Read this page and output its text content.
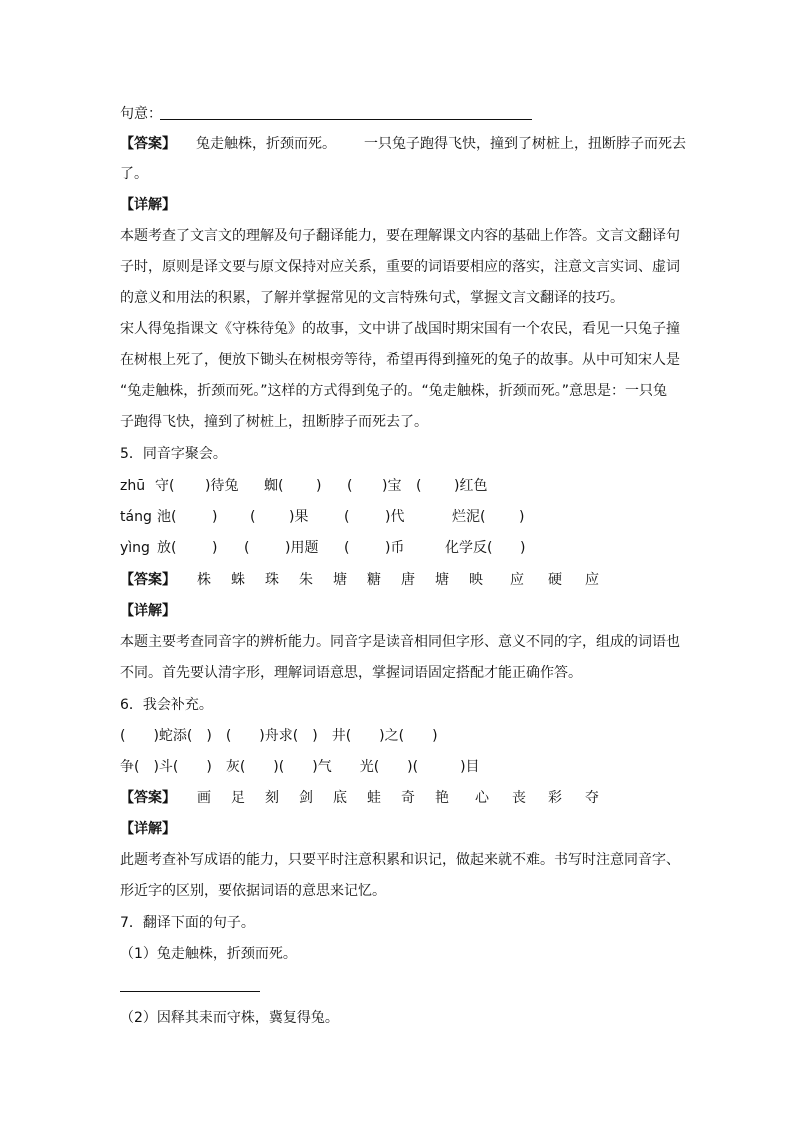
句意：
【答案】 兔走触株，折颈而死。 一只兔子跑得飞快，撞到了树桩上，扭断脖子而死去
了。
【详解】
本题考查了文言文的理解及句子翻译能力，要在理解课文内容的基础上作答。文言文翻译句
子时，原则是译文要与原文保持对应关系，重要的词语要相应的落实，注意文言实词、虚词
的意义和用法的积累，了解并掌握常见的文言特殊句式，掌握文言文翻译的技巧。
宋人得兔指课文《守株待兔》的故事，文中讲了战国时期宋国有一个农民，看见一只兔子撞
在树根上死了，便放下锄头在树根旁等待，希望再得到撞死的兔子的故事。从中可知宋人是
“兔走触株，折颈而死。”这样的方式得到兔子的。“兔走触株，折颈而死。”意思是：一只兔
子跑得飞快，撞到了树桩上，扭断脖子而死去了。
5．同音字聚会。
zhū 守( )待兔 蜘( ) ( )宝 ( )红色
táng 池(	) ( )果	(	)代	烂泥( )
yìng 放(	) (	)用题 (	)币	化学反( )
【答案】 株 蛛 珠 朱 塘 糖 唐 塘 映 应 硬 应
【详解】
本题主要考查同音字的辨析能力。同音字是读音相同但字形、意义不同的字，组成的词语也
不同。首先要认清字形，理解词语意思，掌握词语固定搭配才能正确作答。
6．我会补充。
(　　)蛇添(　)　(　　)舟求(　)　井(　　)之(　　)
争(　)斗(　　)　灰(　　)(　　)气　　光(　　)(　　　)目
【答案】 画 足 刻 剑 底 蛙 奇 艳 心 丧 彩 夺
【详解】
此题考查补写成语的能力，只要平时注意积累和识记，做起来就不难。书写时注意同音字、
形近字的区别，要依据词语的意思来记忆。
7．翻译下面的句子。
（1）兔走触株，折颈而死。
（2）因释其耒而守株，冀复得兔。
